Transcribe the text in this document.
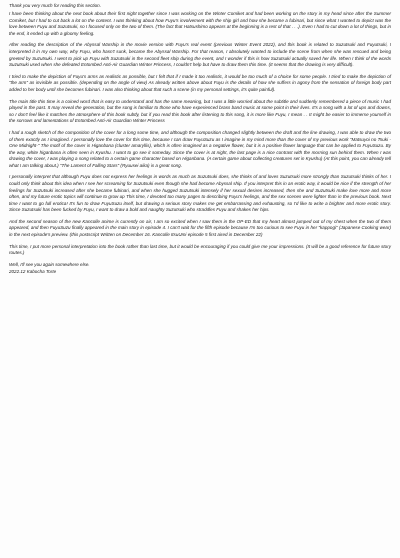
Thank you very much for reading this section.

I have been thinking about the next book about their first night together since I was working on the Winter Comiket and had been working on the story in my head since after the Summer Comiket, but I had to cut back a lot on the content. I was thinking about how Fuyu's involvement with the ship girl and how she became a fubinari, but since what I wanted to depict was the love between Fuyu and Suzutsuki, so I focused only on the two of them. (The fact that Hatsushimo appears at the beginning is a rest of that . . .). Even I had to cut down a lot of things, but in the end, it ended up with a gloomy feeling.

After reading the description of the Abyssal Warship in the movie version with Fuyu's real event (previous Winter Event 2022), and this book is related to Suzutsuki and Fuyutsuki, I interpreted it in my own way, why Fuyu, who hasn't sunk, became the Abyssal Warship. For that reason, I absolutely wanted to include the scene from when she was rescued and being greeted by Suzutsuki. I went to pick up Fuyu with Suzutsuki in the second fleet ship during the event, and I wonder if this is how Suzutsuki actually saved her life. When I think of the words Suzutsuki used when she defeated Entombed Anti-Air Guardian Winter Princess, I couldn't help but have to draw them this time. (It seems that the drawing is very difficult).

I tried to make the depiction of Fuyu's arms as realistic as possible, but I felt that if I made it too realistic, it would be too much of a choice for some people. I tried to make the depiction of "the arm" as invisible as possible. (depending on the angle of view) As already written above about Fuyu is the details of how she suffers in agony from the sensation of foreign body part added to her body until she becomes fubinari. I was also thinking about that such a scene (in my personal settings, it's quite painful).

The main title this time is a coined word that is easy to understand and has the same meaning, but I was a little worried about the subtitle and suddenly remembered a piece of music I had played in the past. It may reveal the generation, but the song is familiar to those who have experienced brass band music at some point in their lives. It's a song with a lot of ups and downs, so I don't feel like it matches the atmosphere of this book subtly, but if you read this book after listening to this song, it is more like Fuyu, I mean . . It might be easier to immerse yourself in the sorrows and lamentations of Entombed Anti-Air Guardian Winter Princess

I had a rough sketch of the composition of the cover for a long some time, and although the composition changed slightly between the draft and the line drawing, I was able to draw the two of them exactly as I imagined. I personally love the cover for this time, because I can draw FuyuSuzu as I imagine in my mind more than the cover of my previous work "Matsuyoi no Tsuki -One Midnight-" The motif of the cover is Higanbana (cluster amaryllis), which is often imagined as a negative flower, but it is a positive flower language that can be applied to FuyuSuzu. By the way, white higanbana is often seen in Kyushu. I want to go see it someday. Since the cover is at night, the last page is a nice contrast with the morning sun behind them. When I was drawing the cover, I was playing a song related to a certain game character based on Higanbana. (A certain game about collecting creatures set in Kyushu) (At this point, you can already tell what I am talking about.) "The Lament of Falling Stars" (Ryuusei aika) is a great song.

I personally interpret that although Fuyu does not express her feelings in words as much as Suzutsuki does, she thinks of and loves Suzutsuki more strongly than Suzutsuki thinks of her. I could only think about this idea when I see her screaming for Suzutsuki even though she had become Abyssal ship. If you interpret this in an erotic way, it would be nice if the strength of her feelings for Suzutsuki increased after she became fubinari, and when she hugged Suzutsuki intensely if her sexual desires increased, then she and Suzutsuki make love more and more often, and my future erotic topics will continue to grow up This time, I devoted too many pages to describing Fuyu's feelings, and the sex scenes were lighter than in the previous book. Next time I want to go full erotica! It's fun to draw FuyuSuzu itself, but drawing a serious story makes me get embarrassing and exhausting, so I'd like to write a brighter and more erotic story. Since Suzutsuki has been fucked by Fuyu, I want to draw a bold and naughty Suzutsuki who straddles Fuyu and shakes her hips.

And the second season of the new Kancolle anime is currently on air, I am so excited when I saw them in the OP-ED that my heart almost jumped out of my chest when the two of them appeared, and then FuyuSuzu finally appeared in the main story in episode 4. I can't wait for the fifth episode because I'm too curious to see Fuyu in her "kappogi" (Japanese Cooking wear) in the next episode's preview. (this postscript Written on December 16. Kancolle ItsuUmi episode 5 first aired in December 22)

This time, I put more personal interpretation into the book rather than last time, but it would be encouraging if you could give me your impressions. (It will be a good reference for future story routes.)

Well, I'll see you again somewhere else.

2022.12 Kabocha Torte
